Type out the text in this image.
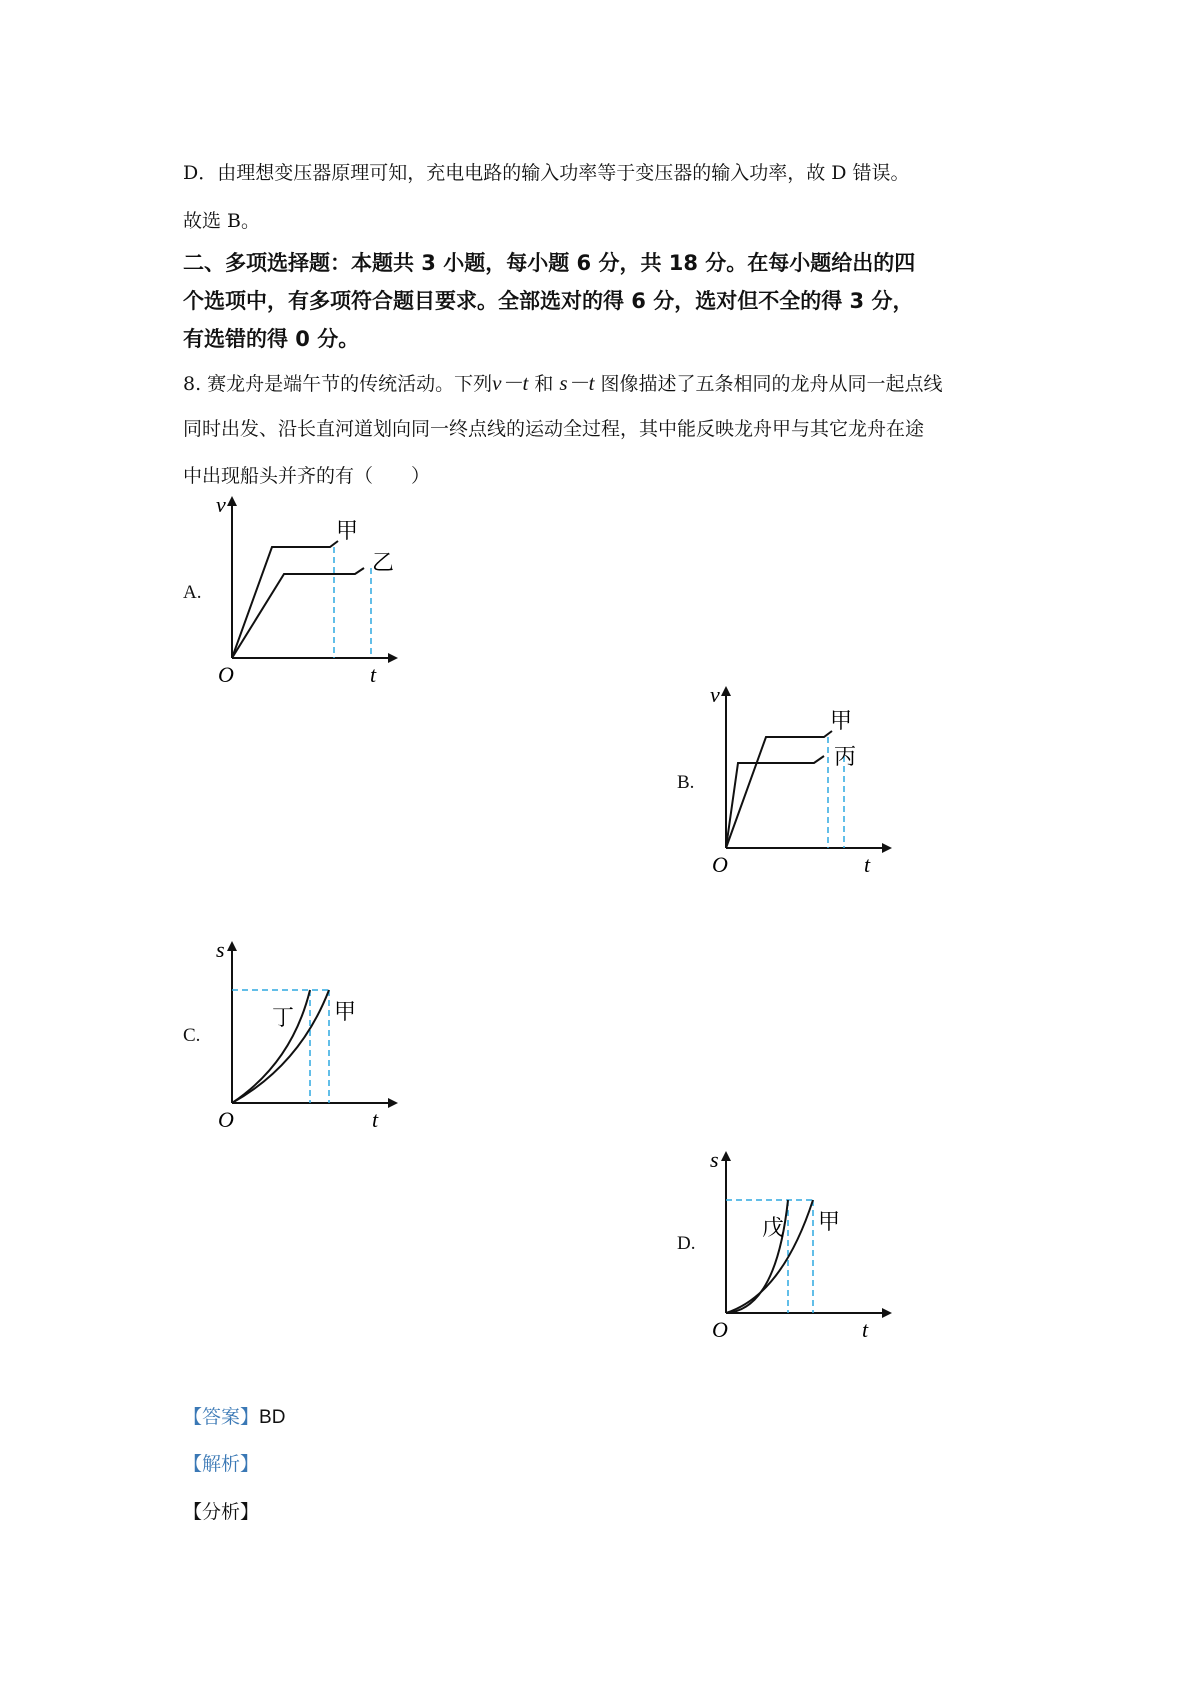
D．由理想变压器原理可知，充电电路的输入功率等于变压器的输入功率，故 D 错误。
故选 B。
二、多项选择题：本题共 3 小题，每小题 6 分，共 18 分。在每小题给出的四
个选项中，有多项符合题目要求。全部选对的得 6 分，选对但不全的得 3 分，
有选错的得 0 分。
8. 赛龙舟是端午节的传统活动。下列v－t 和 s－t 图像描述了五条相同的龙舟从同一起点线
同时出发、沿长直河道划向同一终点线的运动全过程，其中能反映龙舟甲与其它龙舟在途
中出现船头并齐的有（　　）
A.
B.
C.
D.
v
t
O
甲
乙
v
t
O
甲
丙
s
t
O
丁 甲
s
t
O
戊 甲
【答案】BD
【解析】
【分析】
